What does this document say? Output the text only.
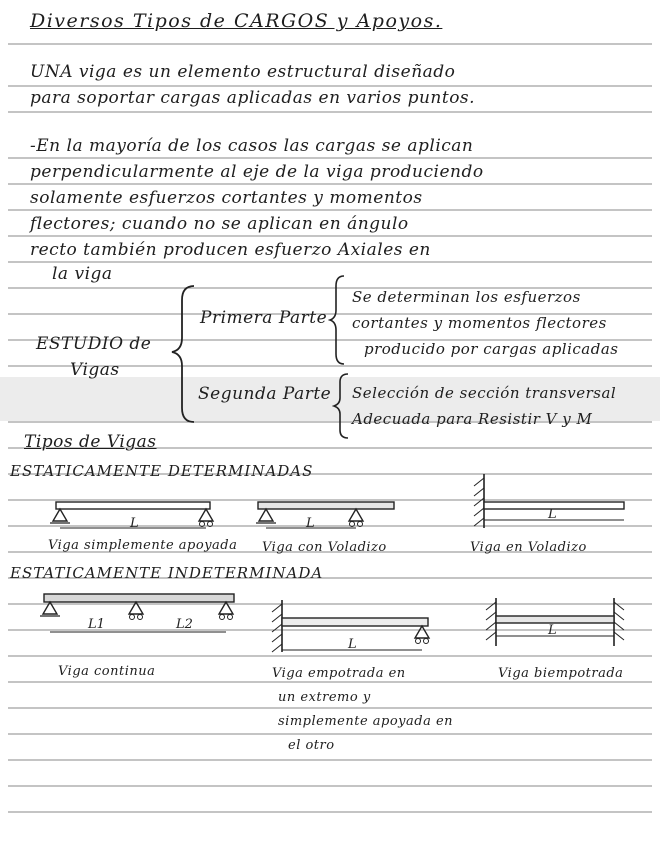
Diversos Tipos de CARGOS y Apoyos.
UNA viga es un elemento estructural diseñado
para soportar cargas aplicadas en varios puntos.
-En la mayoría de los casos las cargas se aplican
perpendicularmente al eje de la viga produciendo
solamente esfuerzos cortantes y momentos
flectores; cuando no se aplican en ángulo
recto también producen esfuerzo Axiales en
la viga
ESTUDIO de
Vigas
Primera Parte
Se determinan los esfuerzos
cortantes y momentos flectores
producido por cargas aplicadas
Segunda Parte Selección de sección transversal
Adecuada para Resistir V y M
Tipos de Vigas
ESTATICAMENTE DETERMINADAS
L
Viga simplemente apoyada
L
Viga con Voladizo
L
Viga en Voladizo
ESTATICAMENTE INDETERMINADA
L1	L2
Viga continua
L
Viga empotrada en
un extremo y
simplemente apoyada en
el otro
L
Viga biempotrada
